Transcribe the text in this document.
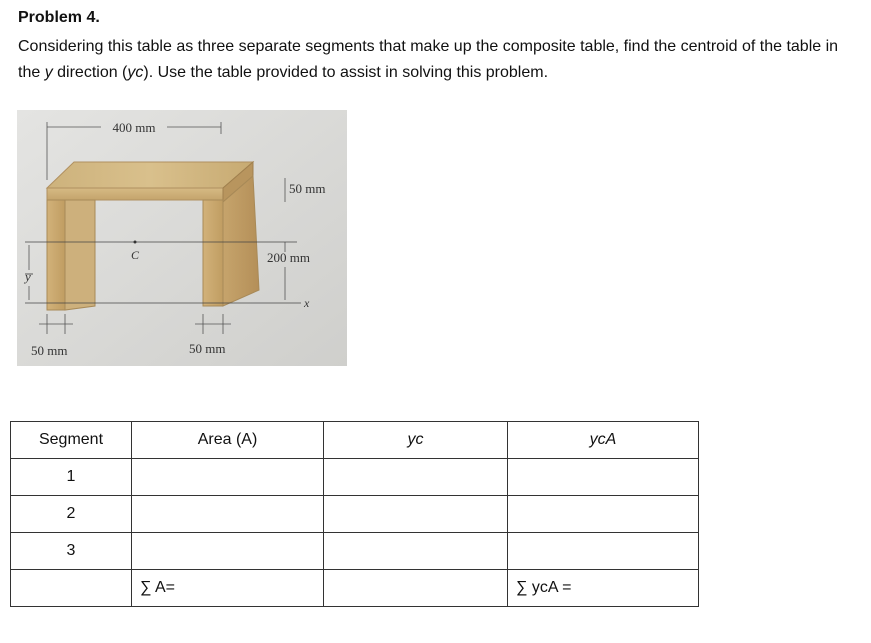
Problem 4.
Considering this table as three separate segments that make up the composite table, find the centroid of the table in the y direction (yc). Use the table provided to assist in solving this problem.
400 mm
50 mm
200 mm
C
x
y
50 mm	50 mm
Segment	Area (A)	yc	ycA
1			
2			
3			
	∑ A=		∑ ycA =
